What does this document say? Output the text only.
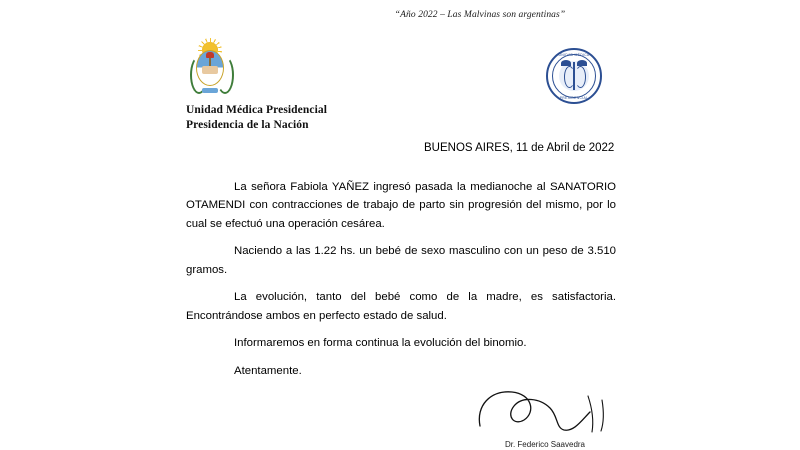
“Año 2022 – Las Malvinas son argentinas”
UNIDAD MÉDICA
PRESIDENCIAL
Unidad Médica Presidencial
Presidencia de la Nación
BUENOS AIRES, 11 de Abril de 2022

La señora Fabiola YAÑEZ ingresó pasada la medianoche al SANATORIO OTAMENDI con contracciones de trabajo de parto sin progresión del mismo, por lo cual se efectuó una operación cesárea.

Naciendo a las 1.22 hs. un bebé de sexo masculino con un peso de 3.510 gramos.

La evolución, tanto del bebé como de la madre, es satisfactoria. Encontrándose ambos en perfecto estado de salud.

Informaremos en forma continua la evolución del binomio.

Atentamente.

Dr. Federico Saavedra
